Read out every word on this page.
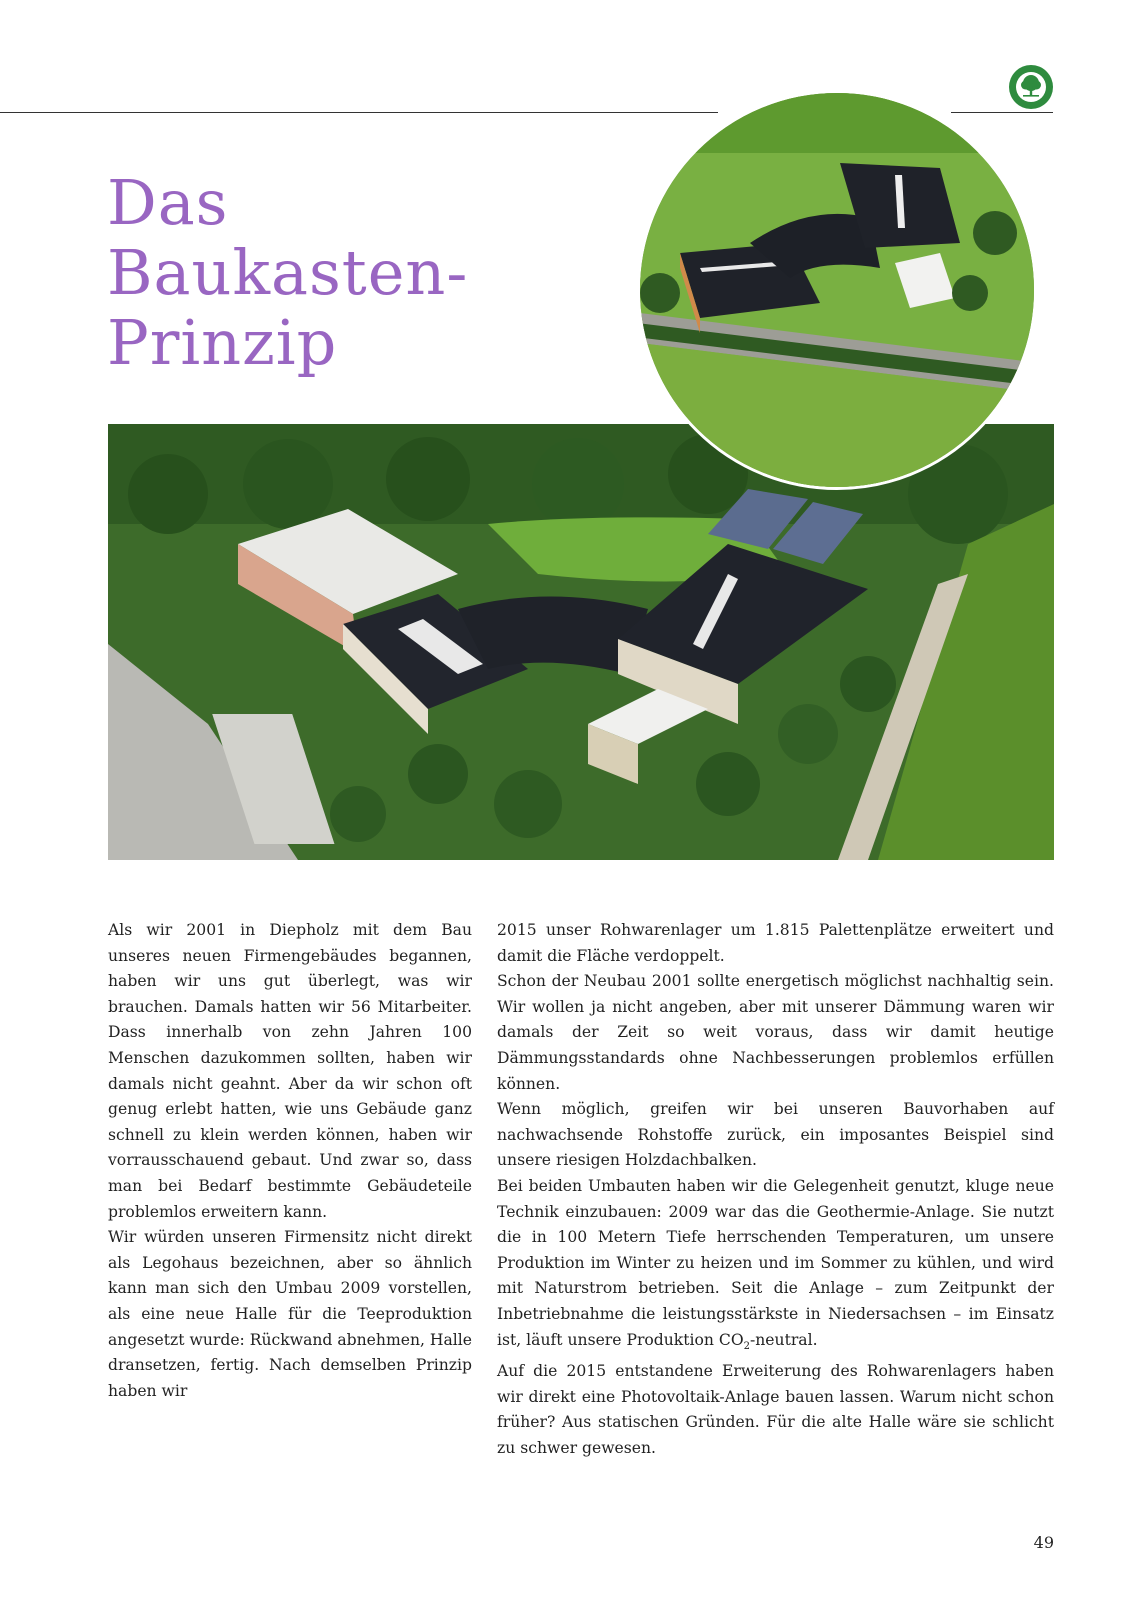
Das
Baukasten-
Prinzip

Als wir 2001 in Diepholz mit dem Bau unseres neuen Firmengebäudes begannen, haben wir uns gut überlegt, was wir brauchen. Damals hatten wir 56 Mitarbeiter. Dass innerhalb von zehn Jahren 100 Menschen dazukommen sollten, haben wir damals nicht geahnt. Aber da wir schon oft genug erlebt hatten, wie uns Gebäude ganz schnell zu klein werden können, haben wir vorrausschauend gebaut. Und zwar so, dass man bei Bedarf bestimmte Gebäudeteile problemlos erweitern kann.

Wir würden unseren Firmensitz nicht direkt als Legohaus bezeichnen, aber so ähnlich kann man sich den Umbau 2009 vorstellen, als eine neue Halle für die Teeproduktion angesetzt wurde: Rückwand abnehmen, Halle dransetzen, fertig. Nach demselben Prinzip haben wir

2015 unser Rohwarenlager um 1.815 Palettenplätze erweitert und damit die Fläche verdoppelt.

Schon der Neubau 2001 sollte energetisch möglichst nachhaltig sein. Wir wollen ja nicht angeben, aber mit unserer Dämmung waren wir damals der Zeit so weit voraus, dass wir damit heutige Dämmungsstandards ohne Nachbesserungen problemlos erfüllen können.

Wenn möglich, greifen wir bei unseren Bauvorhaben auf nachwachsende Rohstoffe zurück, ein imposantes Beispiel sind unsere riesigen Holzdachbalken.

Bei beiden Umbauten haben wir die Gelegenheit genutzt, kluge neue Technik einzubauen: 2009 war das die Geothermie-Anlage. Sie nutzt die in 100 Metern Tiefe herrschenden Temperaturen, um unsere Produktion im Winter zu heizen und im Sommer zu kühlen, und wird mit Naturstrom betrieben. Seit die Anlage – zum Zeitpunkt der Inbetriebnahme die leistungsstärkste in Niedersachsen – im Einsatz ist, läuft unsere Produktion $CO_2$-neutral.

Auf die 2015 entstandene Erweiterung des Rohwarenlagers haben wir direkt eine Photovoltaik-Anlage bauen lassen. Warum nicht schon früher? Aus statischen Gründen. Für die alte Halle wäre sie schlicht zu schwer gewesen.

49
